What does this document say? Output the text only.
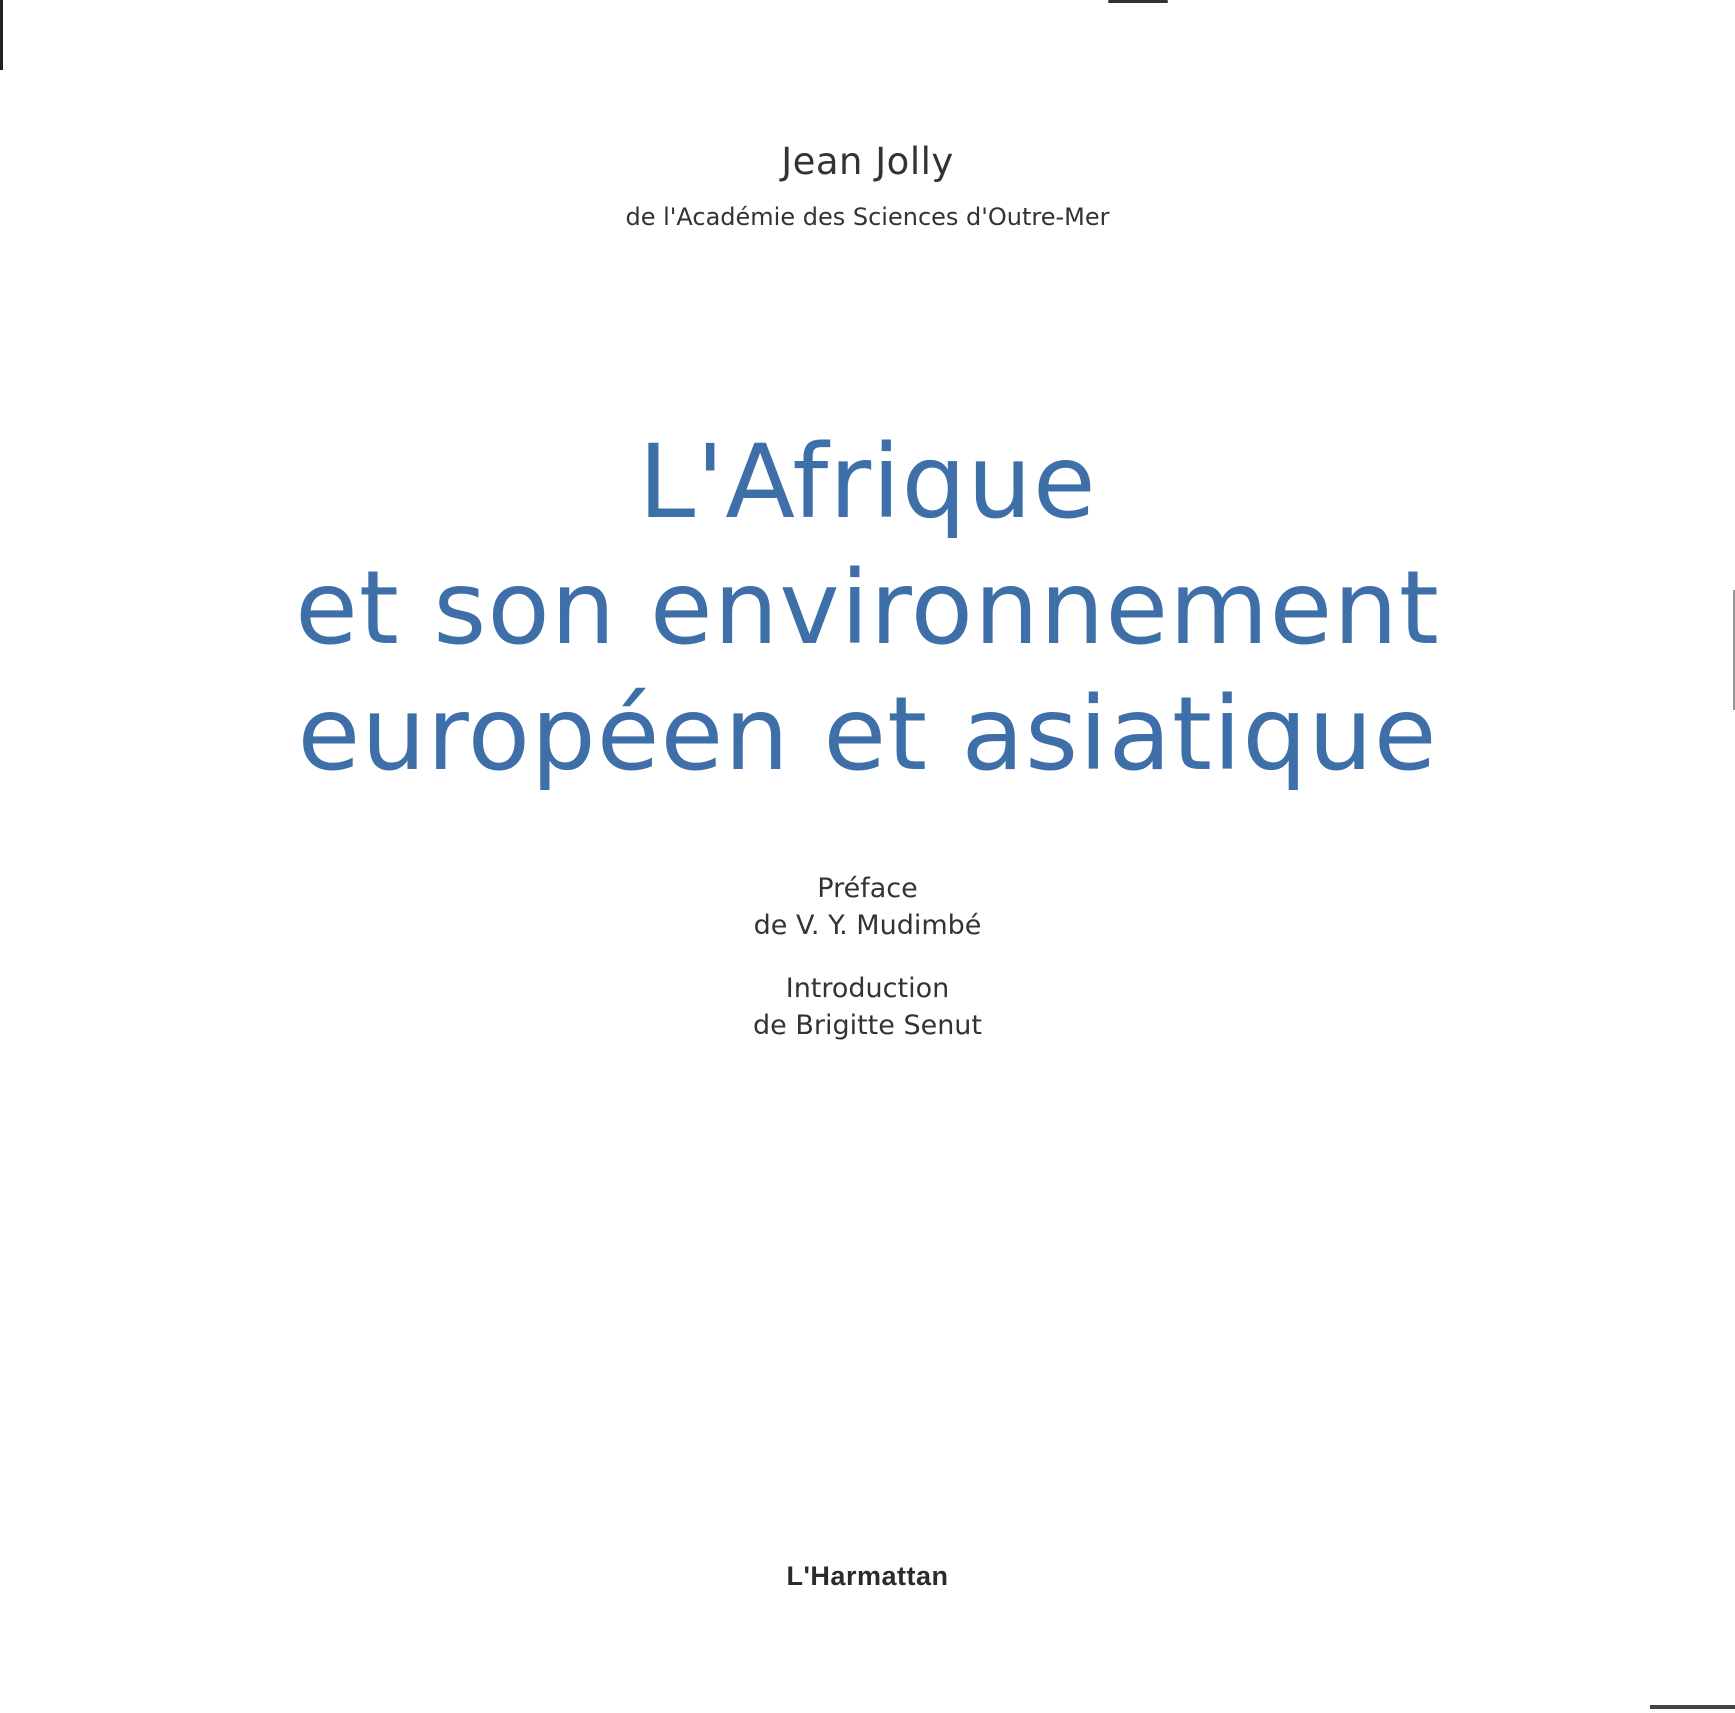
Jean Jolly
de l'Académie des Sciences d'Outre-Mer
L'Afrique
et son environnement
européen et asiatique
Préface
de V. Y. Mudimbé
Introduction
de Brigitte Senut
L'Harmattan
